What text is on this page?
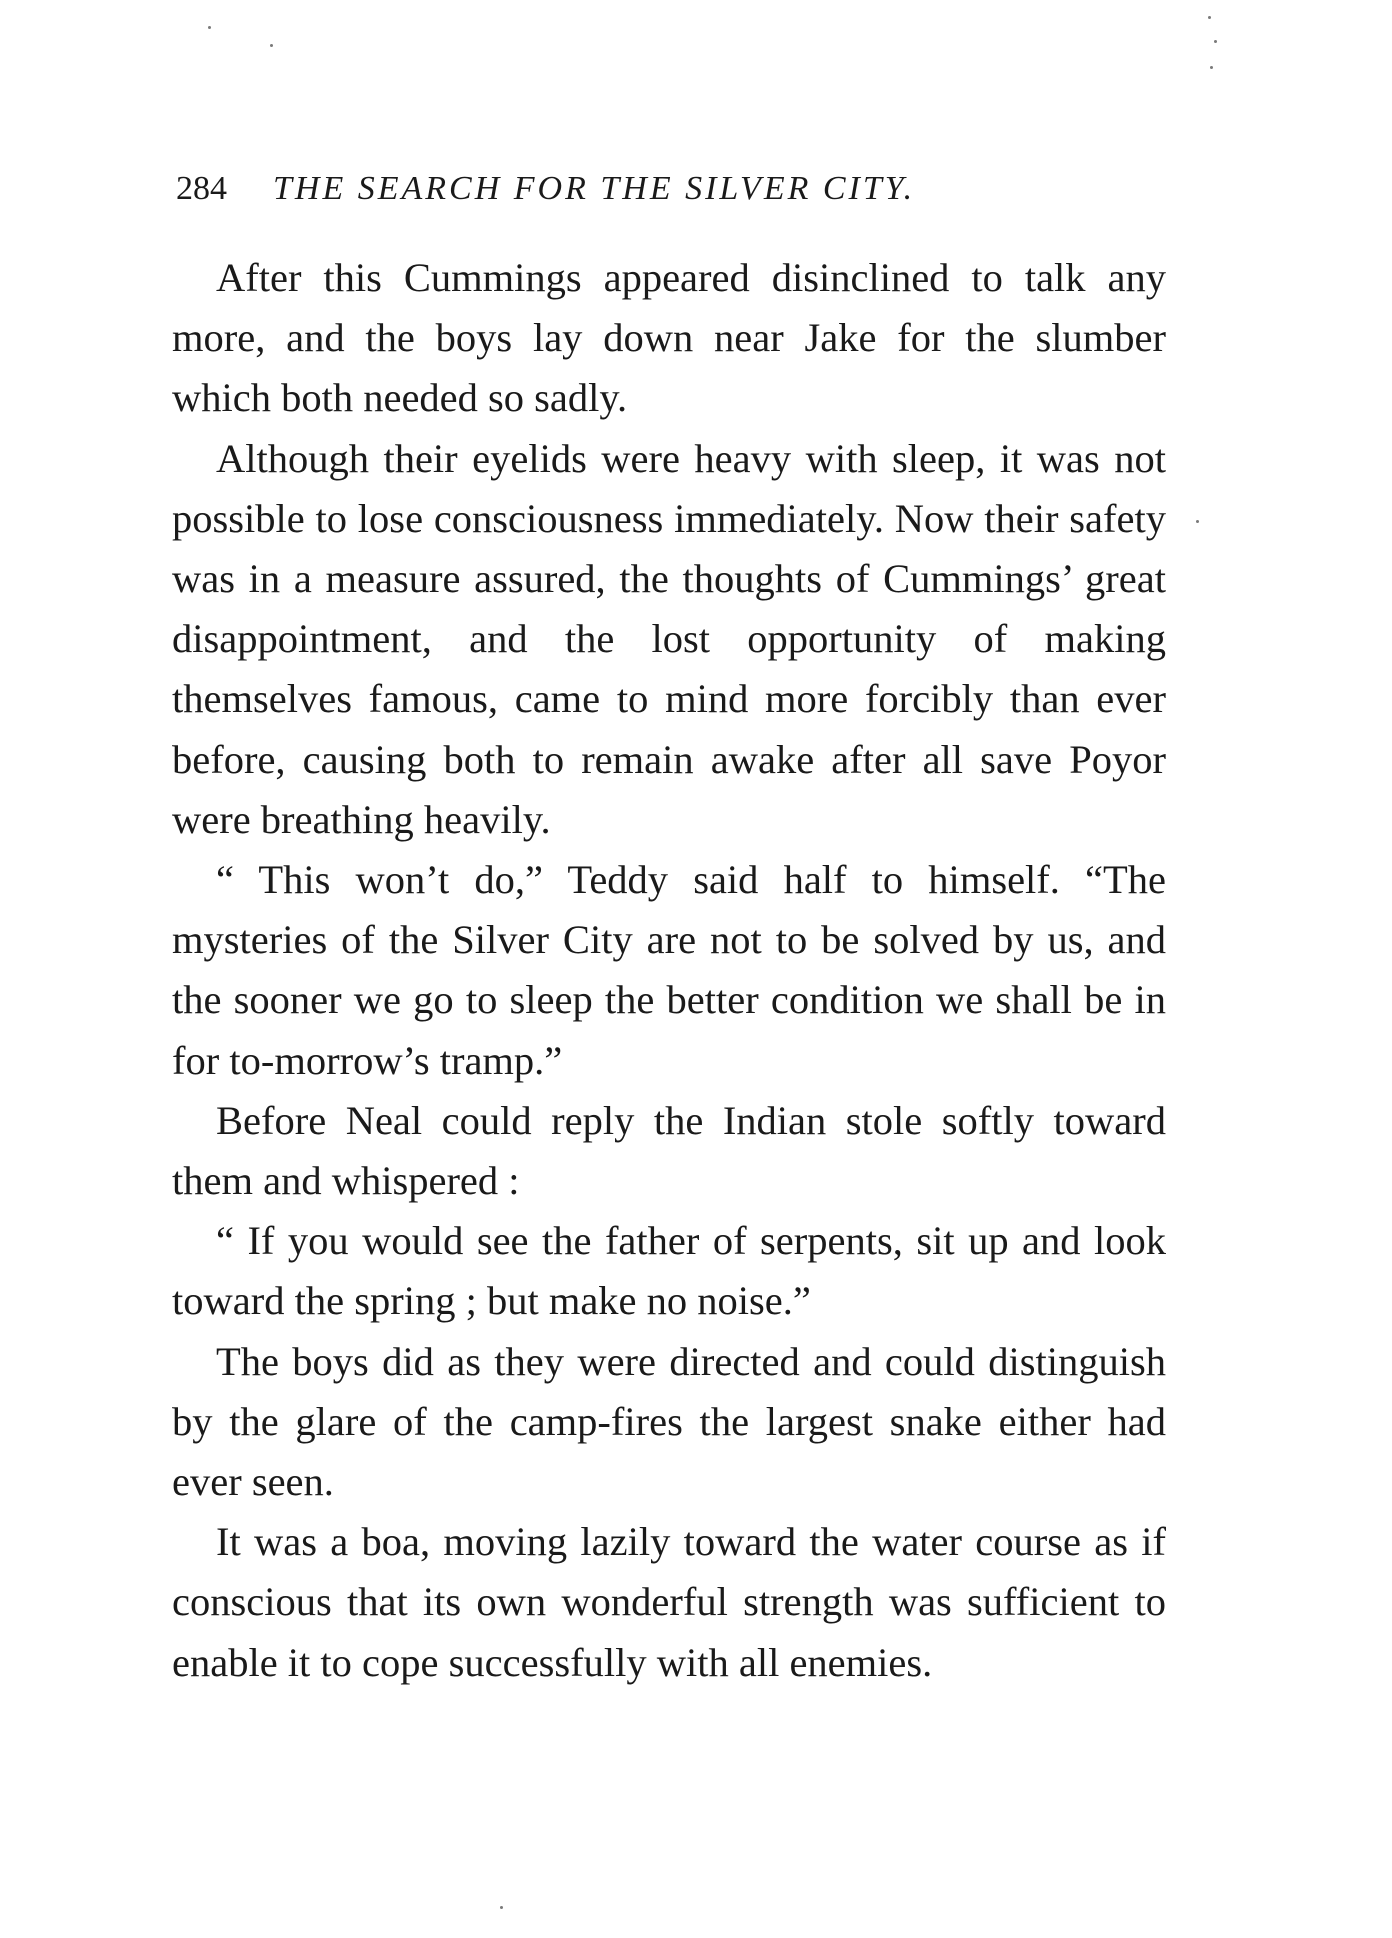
284 THE SEARCH FOR THE SILVER CITY.

After this Cummings appeared disinclined to talk any more, and the boys lay down near Jake for the slumber which both needed so sadly.

Although their eyelids were heavy with sleep, it was not possible to lose consciousness immediately. Now their safety was in a measure assured, the thoughts of Cummings’ great disappointment, and the lost opportunity of making themselves famous, came to mind more forcibly than ever before, causing both to remain awake after all save Poyor were breathing heavily.

“ This won’t do,” Teddy said half to himself. “The mysteries of the Silver City are not to be solved by us, and the sooner we go to sleep the better condition we shall be in for to-morrow’s tramp.”

Before Neal could reply the Indian stole softly toward them and whispered :

“ If you would see the father of serpents, sit up and look toward the spring ; but make no noise.”

The boys did as they were directed and could distinguish by the glare of the camp-fires the largest snake either had ever seen.

It was a boa, moving lazily toward the water course as if conscious that its own wonderful strength was sufficient to enable it to cope successfully with all enemies.
